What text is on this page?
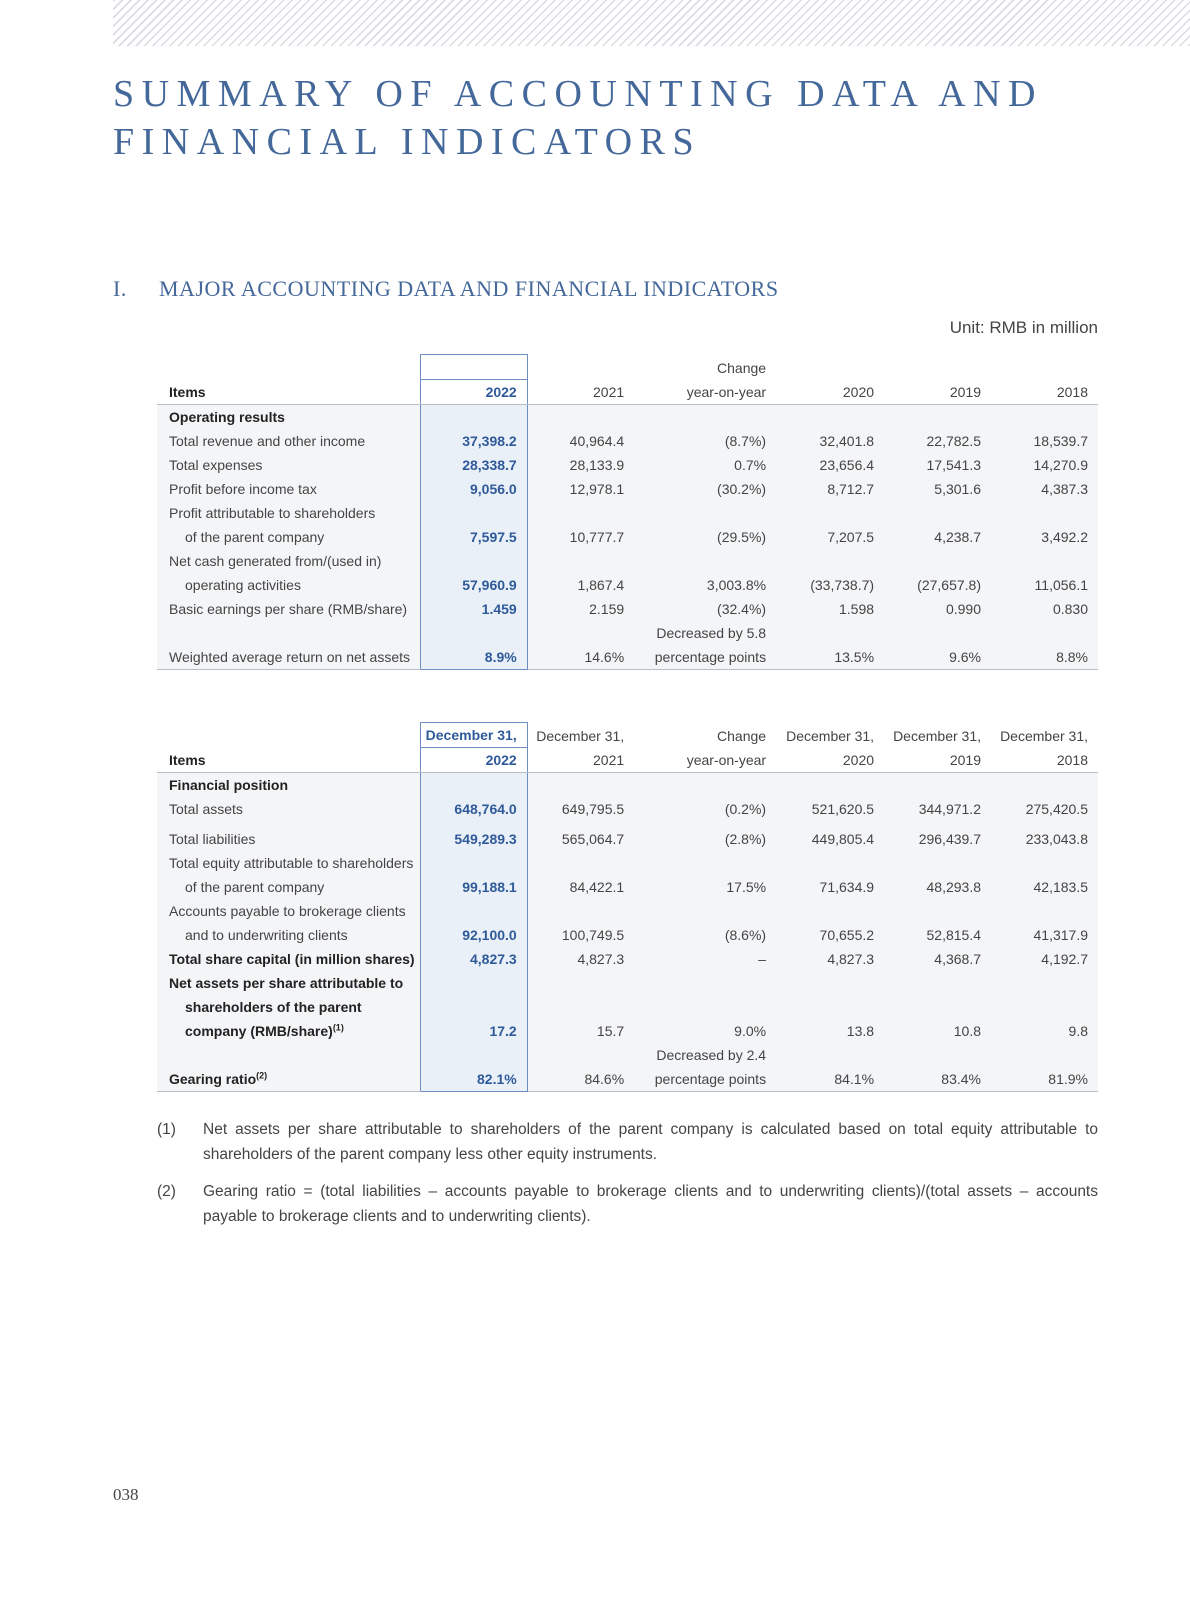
SUMMARY OF ACCOUNTING DATA AND
FINANCIAL INDICATORS
I. MAJOR ACCOUNTING DATA AND FINANCIAL INDICATORS
Unit: RMB in million
			Change			
Items	2022	2021	year-on-year	2020	2019	2018
Operating results						
Total revenue and other income	37,398.2	40,964.4	(8.7%)	32,401.8	22,782.5	18,539.7
Total expenses	28,338.7	28,133.9	0.7%	23,656.4	17,541.3	14,270.9
Profit before income tax	9,056.0	12,978.1	(30.2%)	8,712.7	5,301.6	4,387.3
Profit attributable to shareholders						
of the parent company	7,597.5	10,777.7	(29.5%)	7,207.5	4,238.7	3,492.2
Net cash generated from/(used in)						
operating activities	57,960.9	1,867.4	3,003.8%	(33,738.7)	(27,657.8)	11,056.1
Basic earnings per share (RMB/share)	1.459	2.159	(32.4%)	1.598	0.990	0.830
			Decreased by 5.8			
Weighted average return on net assets	8.9%	14.6%	percentage points	13.5%	9.6%	8.8%
	December 31,	December 31,	Change	December 31,	December 31,	December 31,
Items	2022	2021	year-on-year	2020	2019	2018
Financial position						
Total assets	648,764.0	649,795.5	(0.2%)	521,620.5	344,971.2	275,420.5
Total liabilities	549,289.3	565,064.7	(2.8%)	449,805.4	296,439.7	233,043.8
Total equity attributable to shareholders						
of the parent company	99,188.1	84,422.1	17.5%	71,634.9	48,293.8	42,183.5
Accounts payable to brokerage clients						
and to underwriting clients	92,100.0	100,749.5	(8.6%)	70,655.2	52,815.4	41,317.9
Total share capital (in million shares)	4,827.3	4,827.3	–	4,827.3	4,368.7	4,192.7
Net assets per share attributable to						
shareholders of the parent						
company (RMB/share)$^{(1)}$	17.2	15.7	9.0%	13.8	10.8	9.8
			Decreased by 2.4			
Gearing ratio$^{(2)}$	82.1%	84.6%	percentage points	84.1%	83.4%	81.9%
(1)	Net assets per share attributable to shareholders of the parent company is calculated based on total equity attributable to shareholders of the parent company less other equity instruments.
(2)	Gearing ratio = (total liabilities – accounts payable to brokerage clients and to underwriting clients)/(total assets – accounts payable to brokerage clients and to underwriting clients).
038
